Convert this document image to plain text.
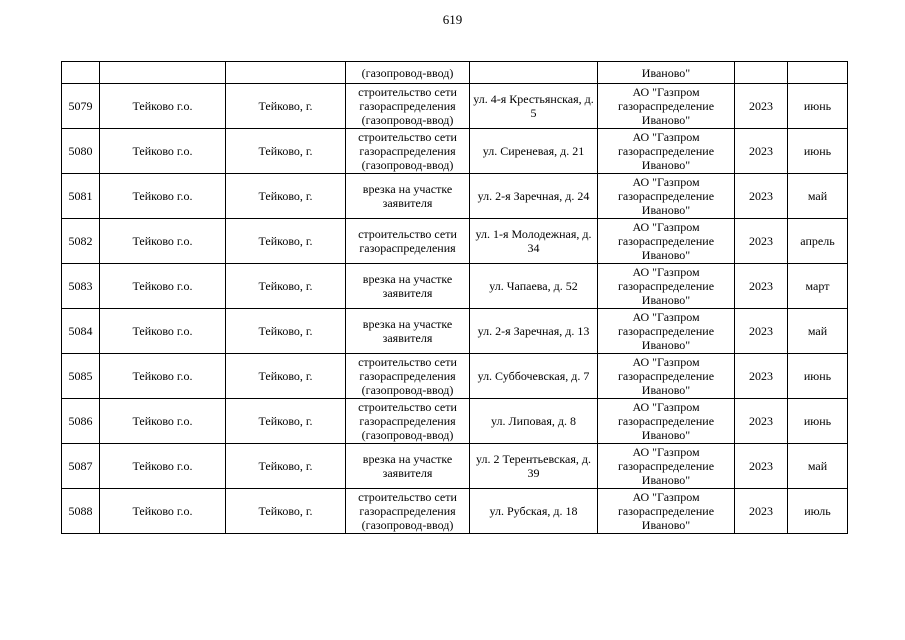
619
			(газопровод-ввод)		Иваново"		
5079	Тейково г.о.	Тейково, г.	строительство сети газораспределения (газопровод-ввод)	ул. 4-я Крестьянская, д. 5	АО "Газпром газораспределение Иваново"	2023	июнь
5080	Тейково г.о.	Тейково, г.	строительство сети газораспределения (газопровод-ввод)	ул. Сиреневая, д. 21	АО "Газпром газораспределение Иваново"	2023	июнь
5081	Тейково г.о.	Тейково, г.	врезка на участке заявителя	ул. 2-я Заречная, д. 24	АО "Газпром газораспределение Иваново"	2023	май
5082	Тейково г.о.	Тейково, г.	строительство сети газораспределения	ул. 1-я Молодежная, д. 34	АО "Газпром газораспределение Иваново"	2023	апрель
5083	Тейково г.о.	Тейково, г.	врезка на участке заявителя	ул. Чапаева, д. 52	АО "Газпром газораспределение Иваново"	2023	март
5084	Тейково г.о.	Тейково, г.	врезка на участке заявителя	ул. 2-я Заречная, д. 13	АО "Газпром газораспределение Иваново"	2023	май
5085	Тейково г.о.	Тейково, г.	строительство сети газораспределения (газопровод-ввод)	ул. Суббочевская, д. 7	АО "Газпром газораспределение Иваново"	2023	июнь
5086	Тейково г.о.	Тейково, г.	строительство сети газораспределения (газопровод-ввод)	ул. Липовая, д. 8	АО "Газпром газораспределение Иваново"	2023	июнь
5087	Тейково г.о.	Тейково, г.	врезка на участке заявителя	ул. 2 Терентьевская, д. 39	АО "Газпром газораспределение Иваново"	2023	май
5088	Тейково г.о.	Тейково, г.	строительство сети газораспределения (газопровод-ввод)	ул. Рубская, д. 18	АО "Газпром газораспределение Иваново"	2023	июль
